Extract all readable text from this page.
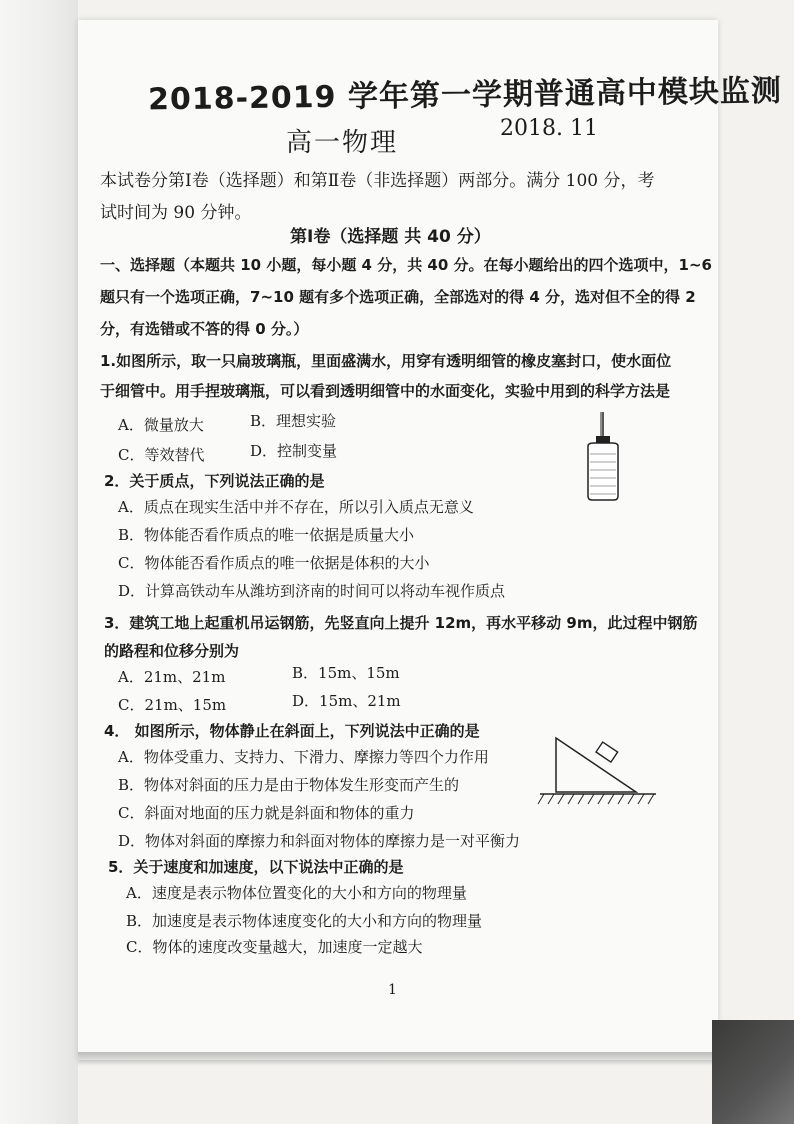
2018-2019 学年第一学期普通高中模块监测
高一物理	2018. 11
本试卷分第Ⅰ卷（选择题）和第Ⅱ卷（非选择题）两部分。满分 100 分，考
试时间为 90 分钟。
第Ⅰ卷（选择题 共 40 分）
一、选择题（本题共 10 小题，每小题 4 分，共 40 分。在每小题给出的四个选项中，1~6
题只有一个选项正确，7~10 题有多个选项正确，全部选对的得 4 分，选对但不全的得 2
分，有选错或不答的得 0 分。）
1.如图所示，取一只扁玻璃瓶，里面盛满水，用穿有透明细管的橡皮塞封口，使水面位
于细管中。用手捏玻璃瓶，可以看到透明细管中的水面变化，实验中用到的科学方法是
A．微量放大	B．理想实验
C．等效替代	D．控制变量
2．关于质点，下列说法正确的是
A．质点在现实生活中并不存在，所以引入质点无意义
B．物体能否看作质点的唯一依据是质量大小
C．物体能否看作质点的唯一依据是体积的大小
D．计算高铁动车从潍坊到济南的时间可以将动车视作质点
3．建筑工地上起重机吊运钢筋，先竖直向上提升 12m，再水平移动 9m，此过程中钢筋
的路程和位移分别为
A．21m、21m	B．15m、15m
C．21m、15m	D．15m、21m
4． 如图所示，物体静止在斜面上，下列说法中正确的是
A．物体受重力、支持力、下滑力、摩擦力等四个力作用
B．物体对斜面的压力是由于物体发生形变而产生的
C．斜面对地面的压力就是斜面和物体的重力
D．物体对斜面的摩擦力和斜面对物体的摩擦力是一对平衡力
5．关于速度和加速度，以下说法中正确的是
A．速度是表示物体位置变化的大小和方向的物理量
B．加速度是表示物体速度变化的大小和方向的物理量
C．物体的速度改变量越大，加速度一定越大
1
